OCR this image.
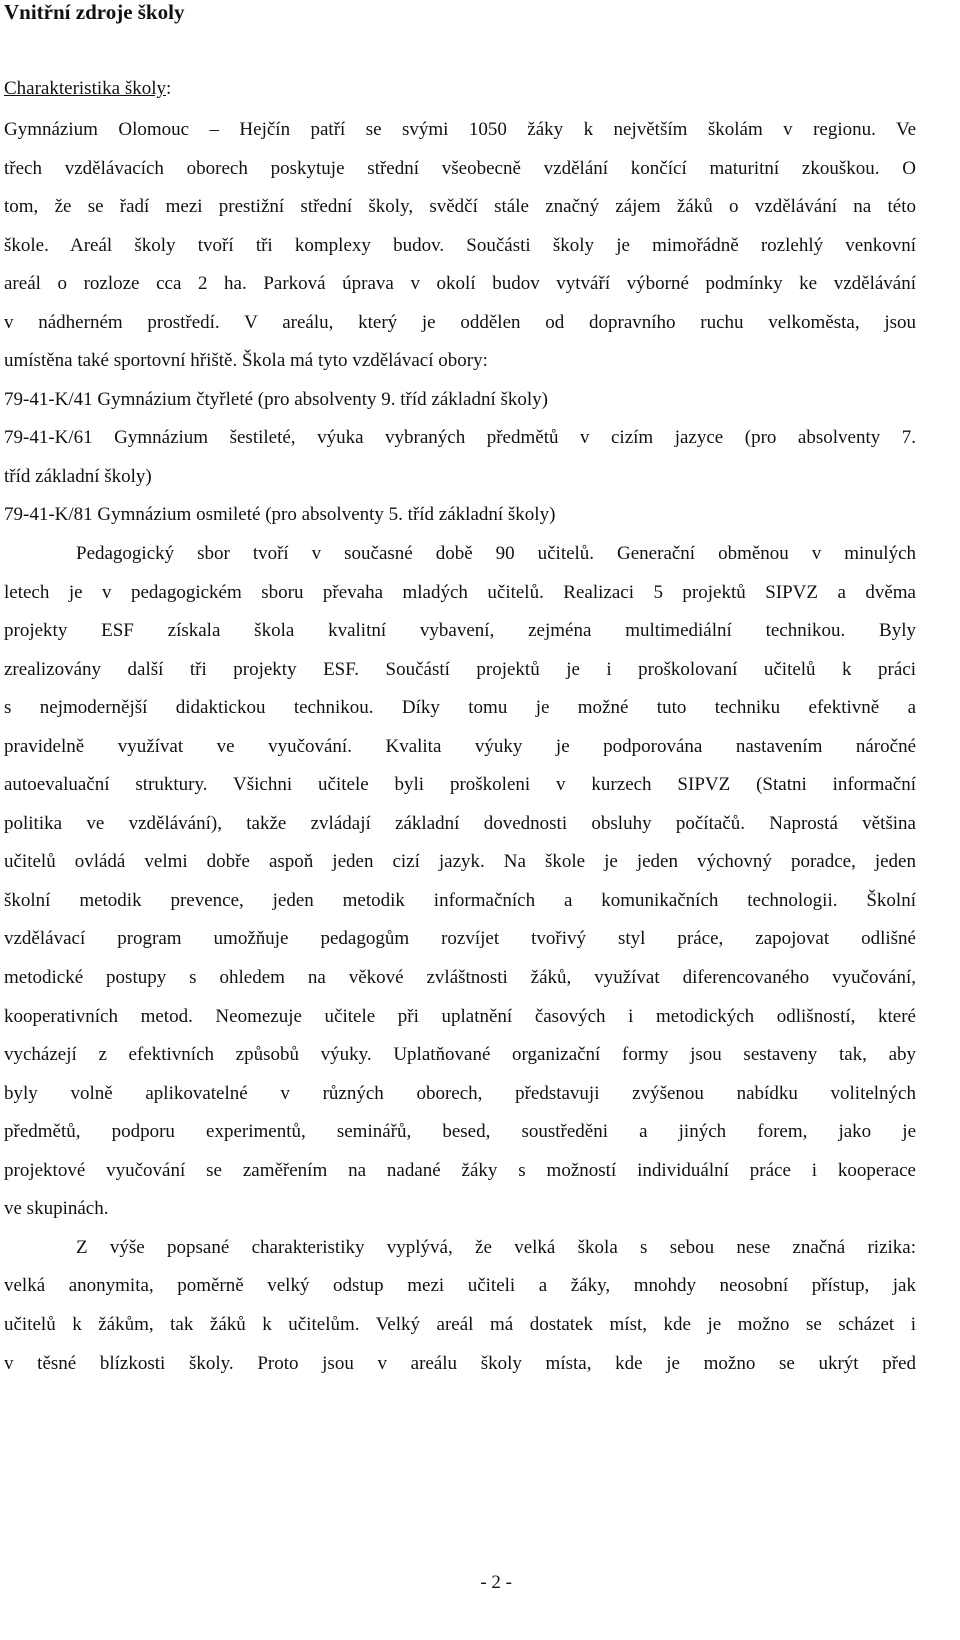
Vnitřní zdroje školy
Charakteristika školy:
Gymnázium Olomouc – Hejčín patří se svými 1050 žáky k největším školám v regionu. Ve
třech vzdělávacích oborech poskytuje střední všeobecně vzdělání končící maturitní zkouškou. O
tom, že se řadí mezi prestižní střední školy, svědčí stále značný zájem žáků o vzdělávání na této
škole. Areál školy tvoří tři komplexy budov. Součásti školy je mimořádně rozlehlý venkovní
areál o rozloze cca 2 ha. Parková úprava v okolí budov vytváří výborné podmínky ke vzdělávání
v nádherném prostředí. V areálu, který je oddělen od dopravního ruchu velkoměsta, jsou
umístěna také sportovní hřiště. Škola má tyto vzdělávací obory:
79-41-K/41 Gymnázium čtyřleté (pro absolventy 9. tříd základní školy)
79-41-K/61 Gymnázium šestileté, výuka vybraných předmětů v cizím jazyce (pro absolventy 7.
tříd základní školy)
79-41-K/81 Gymnázium osmileté (pro absolventy 5. tříd základní školy)
Pedagogický sbor tvoří v současné době 90 učitelů. Generační obměnou v minulých
letech je v pedagogickém sboru převaha mladých učitelů. Realizaci 5 projektů SIPVZ a dvěma
projekty ESF získala škola kvalitní vybavení, zejména multimediální technikou. Byly
zrealizovány další tři projekty ESF. Součástí projektů je i proškolovaní učitelů k práci
s nejmodernější didaktickou technikou. Díky tomu je možné tuto techniku efektivně a
pravidelně využívat ve vyučování. Kvalita výuky je podporována nastavením náročné
autoevaluační struktury. Všichni učitele byli proškoleni v kurzech SIPVZ (Statni informační
politika ve vzdělávání), takže zvládají základní dovednosti obsluhy počítačů. Naprostá většina
učitelů ovládá velmi dobře aspoň jeden cizí jazyk. Na škole je jeden výchovný poradce, jeden
školní metodik prevence, jeden metodik informačních a komunikačních technologii. Školní
vzdělávací program umožňuje pedagogům rozvíjet tvořivý styl práce, zapojovat odlišné
metodické postupy s ohledem na věkové zvláštnosti žáků, využívat diferencovaného vyučování,
kooperativních metod. Neomezuje učitele při uplatnění časových i metodických odlišností, které
vycházejí z efektivních způsobů výuky. Uplatňované organizační formy jsou sestaveny tak, aby
byly volně aplikovatelné v různých oborech, představuji zvýšenou nabídku volitelných
předmětů, podporu experimentů, seminářů, besed, soustředěni a jiných forem, jako je
projektové vyučování se zaměřením na nadané žáky s možností individuální práce i kooperace
ve skupinách.
Z výše popsané charakteristiky vyplývá, že velká škola s sebou nese značná rizika:
velká anonymita, poměrně velký odstup mezi učiteli a žáky, mnohdy neosobní přístup, jak
učitelů k žákům, tak žáků k učitelům. Velký areál má dostatek míst, kde je možno se scházet i
v těsné blízkosti školy. Proto jsou v areálu školy místa, kde je možno se ukrýt před
- 2 -
